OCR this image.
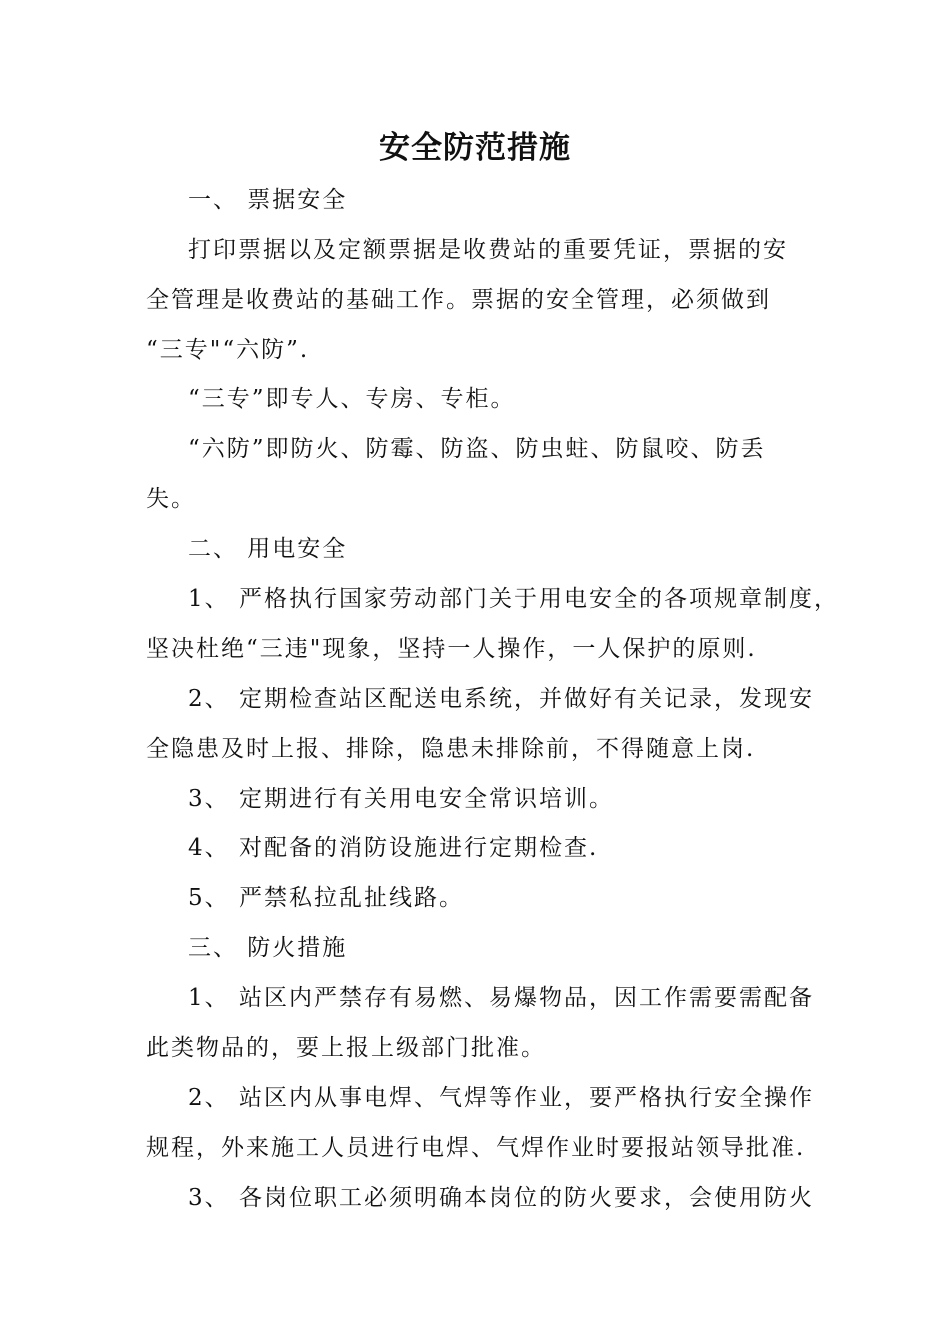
安全防范措施
一、 票据安全
打印票据以及定额票据是收费站的重要凭证，票据的安
全管理是收费站的基础工作。票据的安全管理，必须做到
“三专"“六防”.
“三专”即专人、专房、专柜。
“六防”即防火、防霉、防盗、防虫蛀、防鼠咬、防丢
失。
二、 用电安全
1、 严格执行国家劳动部门关于用电安全的各项规章制度，
坚决杜绝“三违"现象，坚持一人操作，一人保护的原则.
2、 定期检查站区配送电系统，并做好有关记录，发现安
全隐患及时上报、排除，隐患未排除前，不得随意上岗.
3、 定期进行有关用电安全常识培训。
4、 对配备的消防设施进行定期检查.
5、 严禁私拉乱扯线路。
三、 防火措施
1、 站区内严禁存有易燃、易爆物品，因工作需要需配备
此类物品的，要上报上级部门批准。
2、 站区内从事电焊、气焊等作业，要严格执行安全操作
规程，外来施工人员进行电焊、气焊作业时要报站领导批准.
3、 各岗位职工必须明确本岗位的防火要求，会使用防火
